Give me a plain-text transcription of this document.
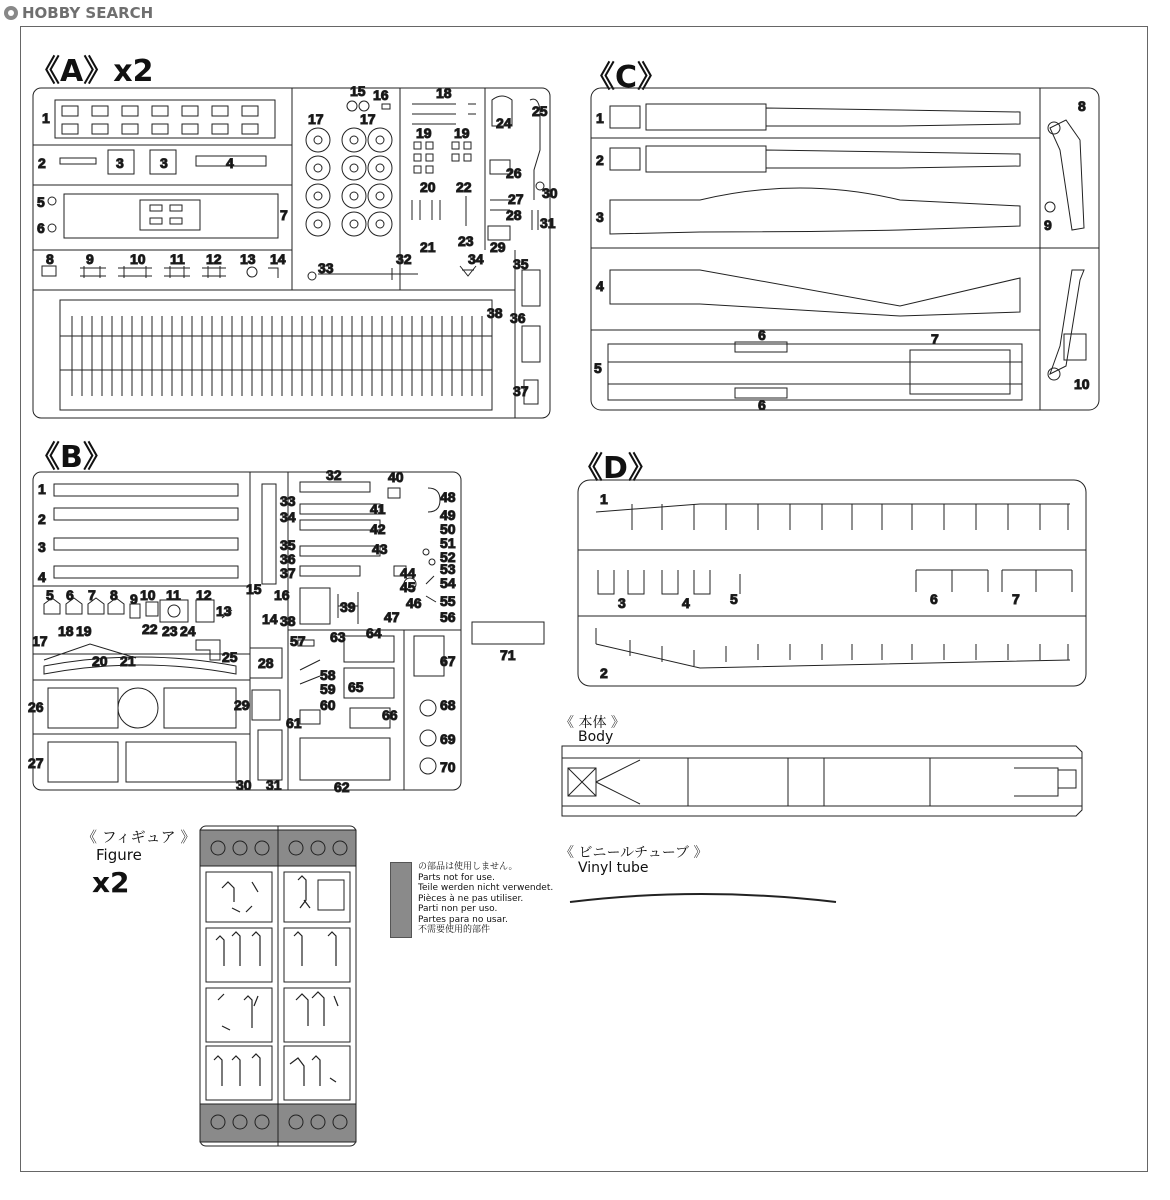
HOBBY SEARCH
《A》x2
《B》
《C》
《D》
《 フィギュア 》
Figure
x2
《 本体 》
Body
《 ビニールチューブ 》
Vinyl tube
の部品は使用しません。
Parts not for use.
Teile werden nicht verwendet.
Pièces à ne pas utiliser.
Parti non per uso.
Partes para no usar.
不需要使用的部件
1
2	3	3	4
5
6
7
8 9	10 11 12 13 14
15 16
17	17
18
19 19
20
21
22
23
24
25
26
27
28
29
30
31
32
33
34 35
36
37
38
1
2
3
4
5
6
6
7
8
9
10
1
2
3
4
5 6 7 8 9 10 11 12
13 14
15 16
17
18 19
20 21
22 23 24
25
26
27
28
29
30 31
32
33
34
35
36
37
38
39
40
41
42
43
44
45
46
47
48
49
50
51
52
53
54
55
56
57
58
59
60
61
62
63 64
65
66
67
68
69
70
71
1
2
3	4	5	6	7
